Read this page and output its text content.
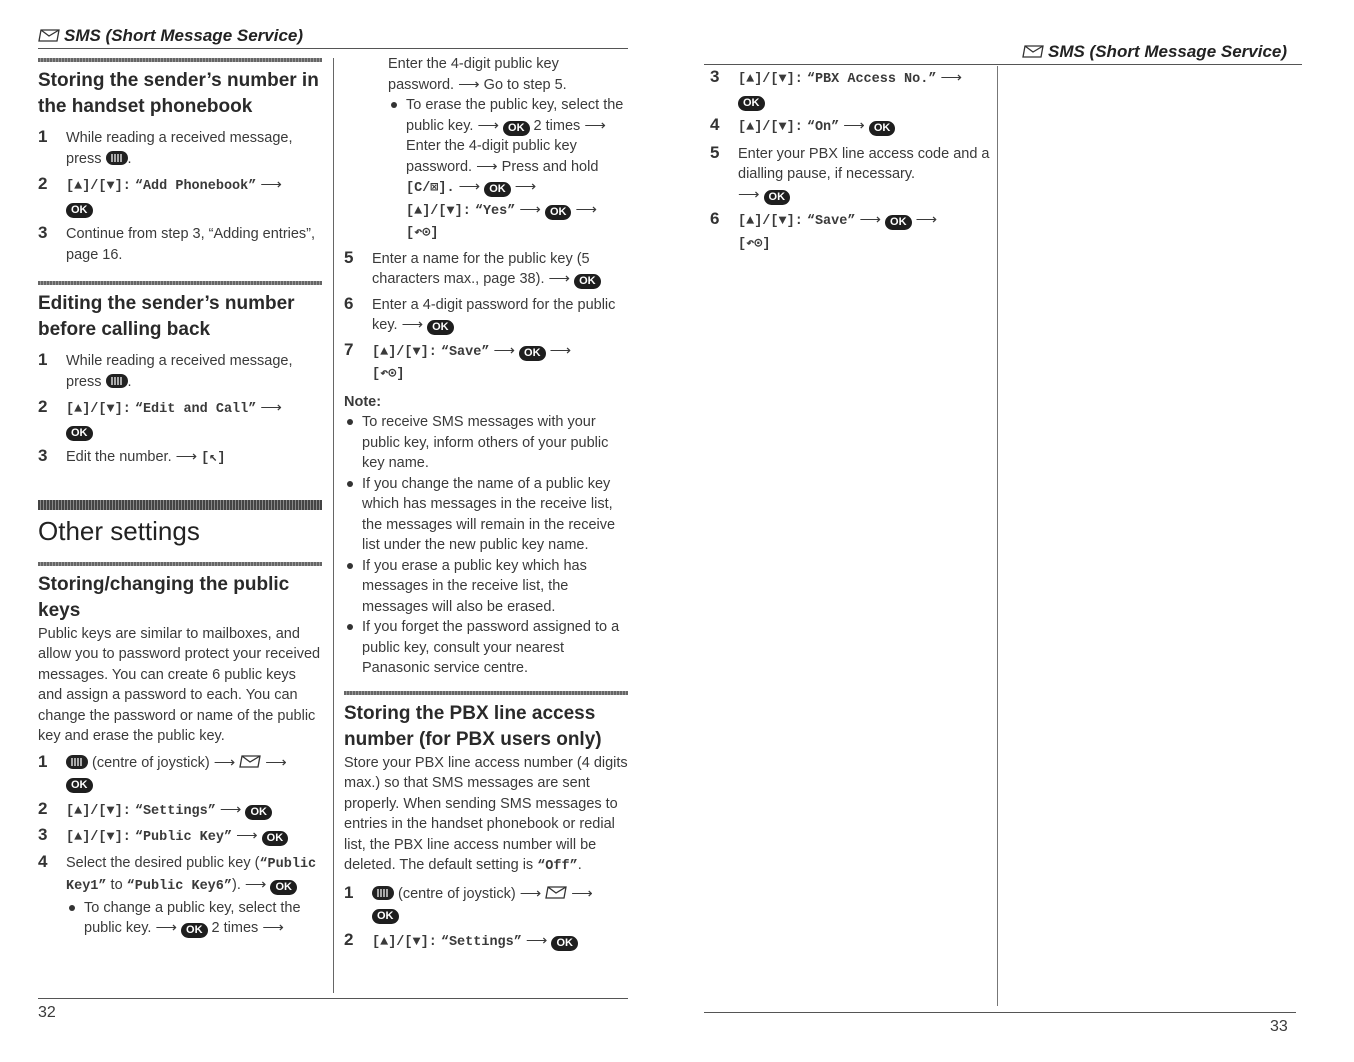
SMS (Short Message Service)
Storing the sender’s number in the handset phonebook
1 While reading a received message, press .
2 [▲]/[▼]: “Add Phonebook” ⟶
OK
3 Continue from step 3, “Adding entries”, page 16.
Editing the sender’s number before calling back
1 While reading a received message, press .
2 [▲]/[▼]: “Edit and Call” ⟶
OK
3 Edit the number. ⟶ [↖]
Other settings
Storing/changing the public keys
Public keys are similar to mailboxes, and allow you to password protect your received messages. You can create 6 public keys and assign a password to each. You can change the password or name of the public key and erase the public key.
1	(centre of joystick) ⟶ ⟶
OK
2 [▲]/[▼]: “Settings” ⟶ OK
3 [▲]/[▼]: “Public Key” ⟶ OK
4 Select the desired public key (“Public Key1” to “Public Key6”). ⟶ OK
To change a public key, select the public key. ⟶ OK 2 times ⟶
32
Enter the 4-digit public key password. ⟶ Go to step 5.
To erase the public key, select the public key. ⟶ OK 2 times ⟶ Enter the 4-digit public key password. ⟶ Press and hold
[C/⊠]. ⟶ OK ⟶
[▲]/[▼]: “Yes” ⟶ OK ⟶
[↶⊙]
5 Enter a name for the public key (5 characters max., page 38). ⟶ OK
6 Enter a 4-digit password for the public key. ⟶ OK
7 [▲]/[▼]: “Save” ⟶ OK ⟶
[↶⊙]
Note:
To receive SMS messages with your public key, inform others of your public key name.
If you change the name of a public key which has messages in the receive list, the messages will remain in the receive list under the new public key name.
If you erase a public key which has messages in the receive list, the messages will also be erased.
If you forget the password assigned to a public key, consult your nearest Panasonic service centre.
Storing the PBX line access number (for PBX users only)
Store your PBX line access number (4 digits max.) so that SMS messages are sent properly. When sending SMS messages to entries in the handset phonebook or redial list, the PBX line access number will be deleted. The default setting is “Off”.
1	(centre of joystick) ⟶ ⟶
OK
2 [▲]/[▼]: “Settings” ⟶ OK
SMS (Short Message Service)
3 [▲]/[▼]: “PBX Access No.” ⟶
OK
4 [▲]/[▼]: “On” ⟶ OK
5 Enter your PBX line access code and a dialling pause, if necessary.
⟶ OK
6 [▲]/[▼]: “Save” ⟶ OK ⟶
[↶⊙]
33
